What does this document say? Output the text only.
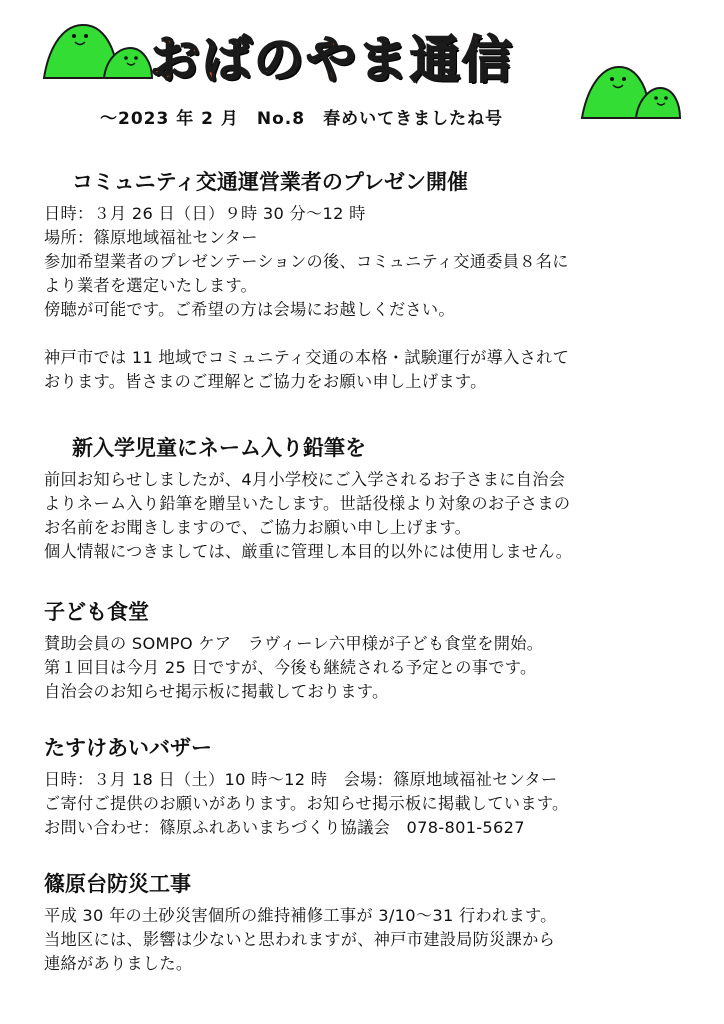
おばのやま通信
～2023 年 2 月　No.8　春めいてきましたね号
コミュニティ交通運営業者のプレゼン開催
日時：３月 26 日（日）９時 30 分～12 時
場所：篠原地域福祉センター
参加希望業者のプレゼンテーションの後、コミュニティ交通委員８名に
より業者を選定いたします。
傍聴が可能です。ご希望の方は会場にお越しください。
神戸市では 11 地域でコミュニティ交通の本格・試験運行が導入されて
おります。皆さまのご理解とご協力をお願い申し上げます。
新入学児童にネーム入り鉛筆を
前回お知らせしましたが、4月小学校にご入学されるお子さまに自治会
よりネーム入り鉛筆を贈呈いたします。世話役様より対象のお子さまの
お名前をお聞きしますので、ご協力お願い申し上げます。
個人情報につきましては、厳重に管理し本目的以外には使用しません。
子ども食堂
賛助会員の SOMPO ケア　ラヴィーレ六甲様が子ども食堂を開始。
第１回目は今月 25 日ですが、今後も継続される予定との事です。
自治会のお知らせ掲示板に掲載しております。
たすけあいバザー
日時：３月 18 日（土）10 時～12 時　会場：篠原地域福祉センター
ご寄付ご提供のお願いがあります。お知らせ掲示板に掲載しています。
お問い合わせ：篠原ふれあいまちづくり協議会　078-801-5627
篠原台防災工事
平成 30 年の土砂災害個所の維持補修工事が 3/10～31 行われます。
当地区には、影響は少ないと思われますが、神戸市建設局防災課から
連絡がありました。
